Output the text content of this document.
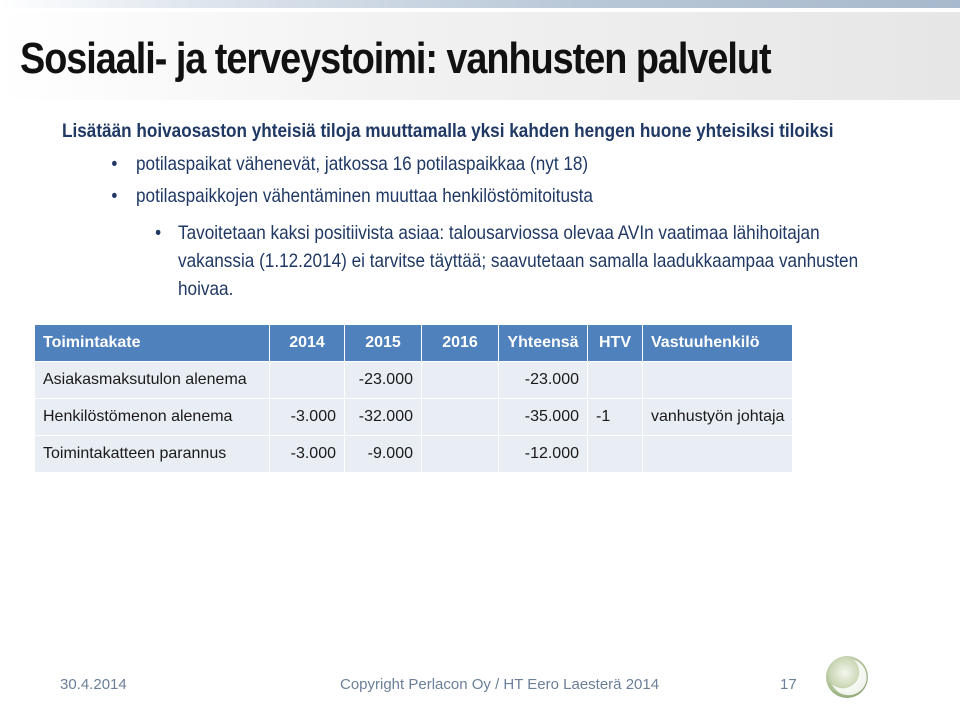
Sosiaali- ja terveystoimi: vanhusten palvelut
Lisätään hoivaosaston yhteisiä tiloja muuttamalla yksi kahden hengen huone yhteisiksi tiloiksi
• potilaspaikat vähenevät, jatkossa 16 potilaspaikkaa (nyt 18)
• potilaspaikkojen vähentäminen muuttaa henkilöstömitoitusta
• Tavoitetaan kaksi positiivista asiaa: talousarviossa olevaa AVIn vaatimaa lähihoitajan vakanssia (1.12.2014) ei tarvitse täyttää; saavutetaan samalla laadukkaampaa vanhusten hoivaa.
Toimintakate	2014	2015	2016	Yhteensä	HTV	Vastuuhenkilö
Asiakasmaksutulon alenema		-23.000		-23.000		
Henkilöstömenon alenema	-3.000	-32.000		-35.000	-1	vanhustyön johtaja
Toimintakatteen parannus	-3.000	-9.000		-12.000		
30.4.2014	Copyright Perlacon Oy / HT Eero Laesterä 2014	17
